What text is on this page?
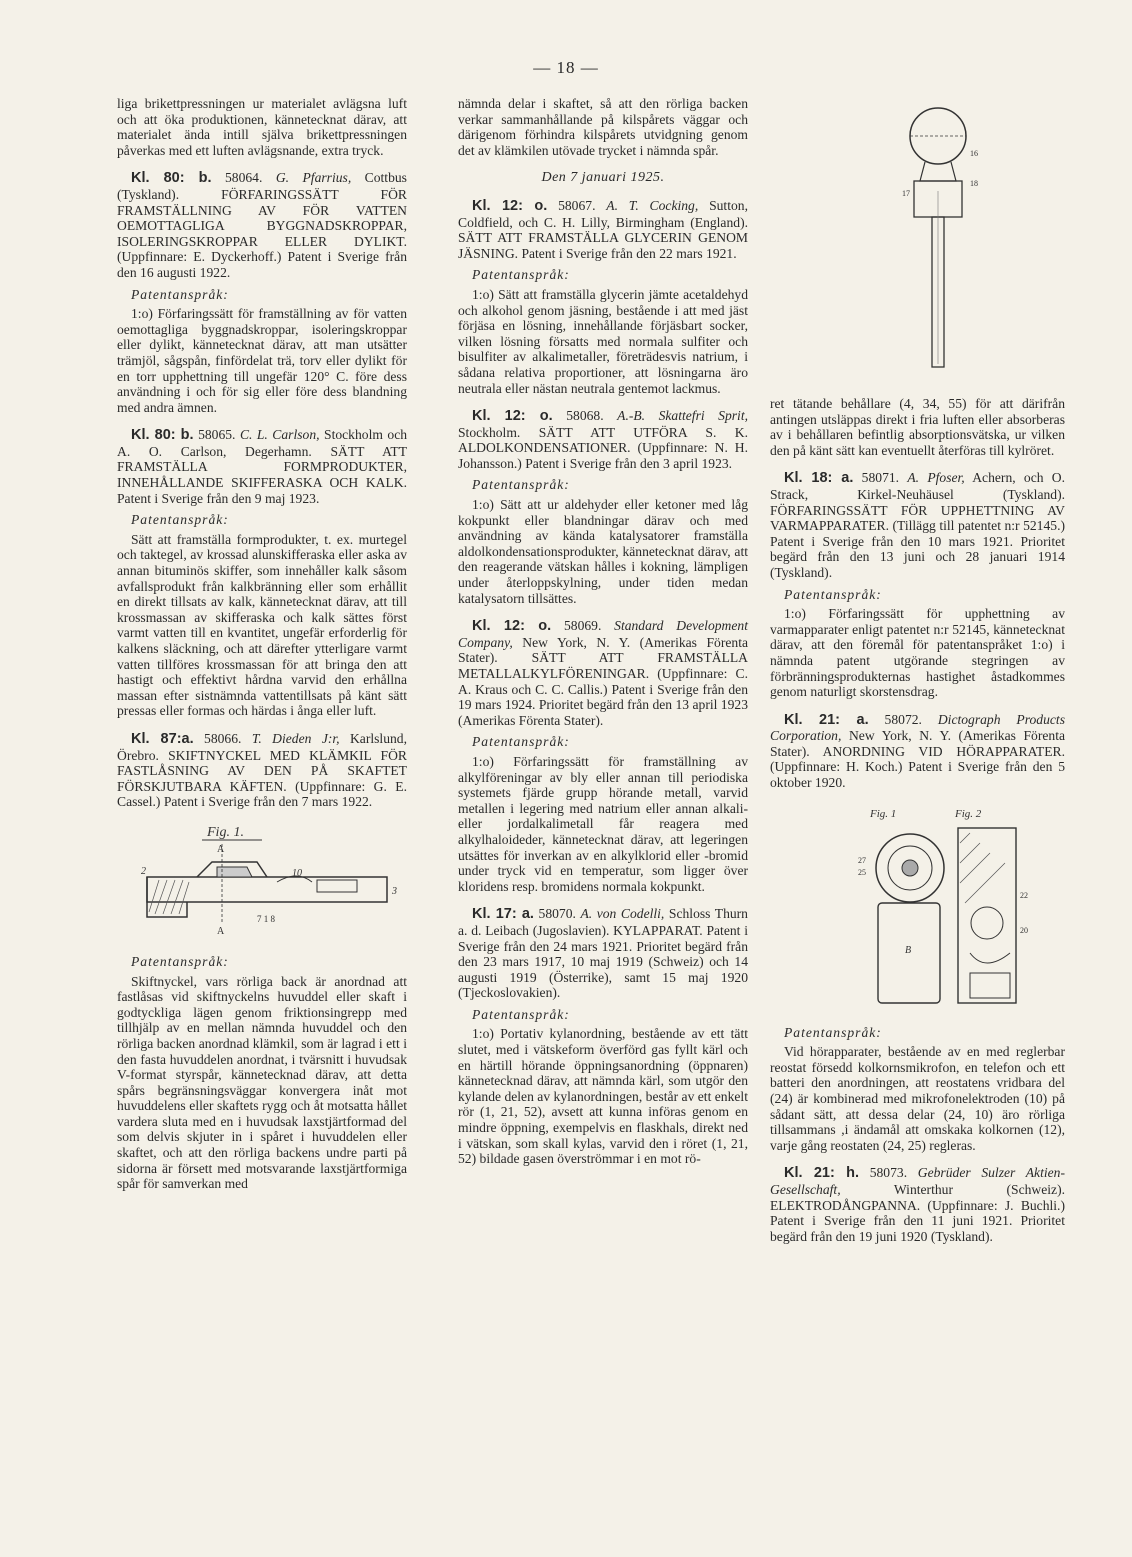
— 18 —

liga brikettpressningen ur materialet avlägsna luft och att öka produktionen, kännetecknat därav, att materialet ända intill själva brikettpressningen påverkas med ett luften avlägsnande, extra tryck.

Kl. 80: b. 58064. G. Pfarrius, Cottbus (Tyskland). FÖRFARINGSSÄTT FÖR FRAMSTÄLLNING AV FÖR VATTEN OEMOTTAGLIGA BYGGNADSKROPPAR, ISOLERINGSKROPPAR ELLER DYLIKT. (Uppfinnare: E. Dyckerhoff.) Patent i Sverige från den 16 augusti 1922.

Patentanspråk:

1:o) Förfaringssätt för framställning av för vatten oemottagliga byggnadskroppar, isoleringskroppar eller dylikt, kännetecknat därav, att man utsätter trämjöl, sågspån, finfördelat trä, torv eller dylikt för en torr upphettning till ungefär 120° C. före dess användning i och för sig eller före dess blandning med andra ämnen.

Kl. 80: b. 58065. C. L. Carlson, Stockholm och A. O. Carlson, Degerhamn. SÄTT ATT FRAMSTÄLLA FORMPRODUKTER, INNEHÅLLANDE SKIFFERASKA OCH KALK. Patent i Sverige från den 9 maj 1923.

Patentanspråk:

Sätt att framställa formprodukter, t. ex. murtegel och taktegel, av krossad alunskifferaska eller aska av annan bituminös skiffer, som innehåller kalk såsom avfallsprodukt från kalkbränning eller som erhållit en direkt tillsats av kalk, kännetecknat därav, att till krossmassan av skifferaska och kalk sättes först varmt vatten till en kvantitet, ungefär erforderlig för kalkens släckning, och att därefter ytterligare varmt vatten tillföres krossmassan för att bringa den att hastigt och effektivt hårdna varvid den erhållna massan efter sistnämnda vattentillsats på känt sätt pressas eller formas och härdas i ånga eller luft.

Kl. 87:a. 58066. T. Dieden J:r, Karlslund, Örebro. SKIFTNYCKEL MED KLÄMKIL FÖR FASTLÅSNING AV DEN PÅ SKAFTET FÖRSKJUTBARA KÄFTEN. (Uppfinnare: G. E. Cassel.) Patent i Sverige från den 7 mars 1922.

Fig. 1.
A
A
2	10
3
7 1 8

Patentanspråk:

Skiftnyckel, vars rörliga back är anordnad att fastlåsas vid skiftnyckelns huvuddel eller skaft i godtyckliga lägen genom friktionsingrepp med tillhjälp av en mellan nämnda huvuddel och den rörliga backen anordnad klämkil, som är lagrad i ett i den fasta huvuddelen anordnat, i tvärsnitt i huvudsak V-format styrspår, kännetecknad därav, att detta spårs begränsningsväggar konvergera inåt mot huvuddelens eller skaftets rygg och åt motsatta hållet vardera sluta med en i huvudsak laxstjärtformad del som delvis skjuter in i spåret i huvuddelen eller skaftet, och att den rörliga backens undre parti på sidorna är försett med motsvarande laxstjärtformiga spår för samverkan med

nämnda delar i skaftet, så att den rörliga backen verkar sammanhållande på kilspårets väggar och därigenom förhindra kilspårets utvidgning genom det av klämkilen utövade trycket i nämnda spår.

Den 7 januari 1925.

Kl. 12: o. 58067. A. T. Cocking, Sutton, Coldfield, och C. H. Lilly, Birmingham (England). SÄTT ATT FRAMSTÄLLA GLYCERIN GENOM JÄSNING. Patent i Sverige från den 22 mars 1921.

Patentanspråk:

1:o) Sätt att framställa glycerin jämte acetaldehyd och alkohol genom jäsning, bestående i att med jäst förjäsa en lösning, innehållande förjäsbart socker, vilken lösning försatts med normala sulfiter och bisulfiter av alkalimetaller, företrädesvis natrium, i sådana relativa proportioner, att lösningarna äro neutrala eller nästan neutrala gentemot lackmus.

Kl. 12: o. 58068. A.-B. Skattefri Sprit, Stockholm. SÄTT ATT UTFÖRA S. K. ALDOLKONDENSATIONER. (Uppfinnare: N. H. Johansson.) Patent i Sverige från den 3 april 1923.

Patentanspråk:

1:o) Sätt att ur aldehyder eller ketoner med låg kokpunkt eller blandningar därav och med användning av kända katalysatorer framställa aldolkondensationsprodukter, kännetecknat därav, att den reagerande vätskan hålles i kokning, lämpligen under återloppskylning, under tiden medan katalysatorn tillsättes.

Kl. 12: o. 58069. Standard Development Company, New York, N. Y. (Amerikas Förenta Stater). SÄTT ATT FRAMSTÄLLA METALLALKYLFÖRENINGAR. (Uppfinnare: C. A. Kraus och C. C. Callis.) Patent i Sverige från den 19 mars 1924. Prioritet begärd från den 13 april 1923 (Amerikas Förenta Stater).

Patentanspråk:

1:o) Förfaringssätt för framställning av alkylföreningar av bly eller annan till periodiska systemets fjärde grupp hörande metall, varvid metallen i legering med natrium eller annan alkali- eller jordalkalimetall får reagera med alkylhaloideder, kännetecknat därav, att legeringen utsättes för inverkan av en alkylklorid eller -bromid under tryck vid en temperatur, som ligger över kloridens resp. bromidens normala kokpunkt.

Kl. 17: a. 58070. A. von Codelli, Schloss Thurn a. d. Leibach (Jugoslavien). KYLAPPARAT. Patent i Sverige från den 24 mars 1921. Prioritet begärd från den 23 mars 1917, 10 maj 1919 (Schweiz) och 14 augusti 1919 (Österrike), samt 15 maj 1920 (Tjeckoslovakien).

Patentanspråk:

1:o) Portativ kylanordning, bestående av ett tätt slutet, med i vätskeform överförd gas fyllt kärl och en härtill hörande öppningsanordning (öppnaren) kännetecknad därav, att nämnda kärl, som utgör den kylande delen av kylanordningen, består av ett enkelt rör (1, 21, 52), avsett att kunna införas genom en mindre öppning, exempelvis en flaskhals, direkt ned i vätskan, som skall kylas, varvid den i röret (1, 21, 52) bildade gasen överströmmar i en mot rö-

16
18
17

ret tätande behållare (4, 34, 55) för att därifrån antingen utsläppas direkt i fria luften eller absorberas av i behållaren befintlig absorptionsvätska, ur vilken den på känt sätt kan eventuellt återföras till kylröret.

Kl. 18: a. 58071. A. Pfoser, Achern, och O. Strack, Kirkel-Neuhäusel (Tyskland). FÖRFARINGSSÄTT FÖR UPPHETTNING AV VARMAPPARATER. (Tillägg till patentet n:r 52145.) Patent i Sverige från den 10 mars 1921. Prioritet begärd från den 13 juni och 28 januari 1914 (Tyskland).

Patentanspråk:

1:o) Förfaringssätt för upphettning av varmapparater enligt patentet n:r 52145, kännetecknat därav, att den föremål för patentanspråket 1:o) i nämnda patent utgörande stegringen av förbränningsprodukternas hastighet åstadkommes genom naturligt skorstensdrag.

Kl. 21: a. 58072. Dictograph Products Corporation, New York, N. Y. (Amerikas Förenta Stater). ANORDNING VID HÖRAPPARATER. (Uppfinnare: H. Koch.) Patent i Sverige från den 5 oktober 1920.

Fig. 1	Fig. 2
B
27
25
22
20

Patentanspråk:

Vid hörapparater, bestående av en med reglerbar reostat försedd kolkornsmikrofon, en telefon och ett batteri den anordningen, att reostatens vridbara del (24) är kombinerad med mikrofonelektroden (10) på sådant sätt, att dessa delar (24, 10) äro rörliga tillsammans ,i ändamål att omskaka kolkornen (12), varje gång reostaten (24, 25) regleras.

Kl. 21: h. 58073. Gebrüder Sulzer Aktien-Gesellschaft,	Winterthur (Schweiz). ELEKTRODÅNGPANNA. (Uppfinnare: J. Buchli.) Patent i Sverige från den 11 juni 1921. Prioritet begärd från den 19 juni 1920 (Tyskland).
